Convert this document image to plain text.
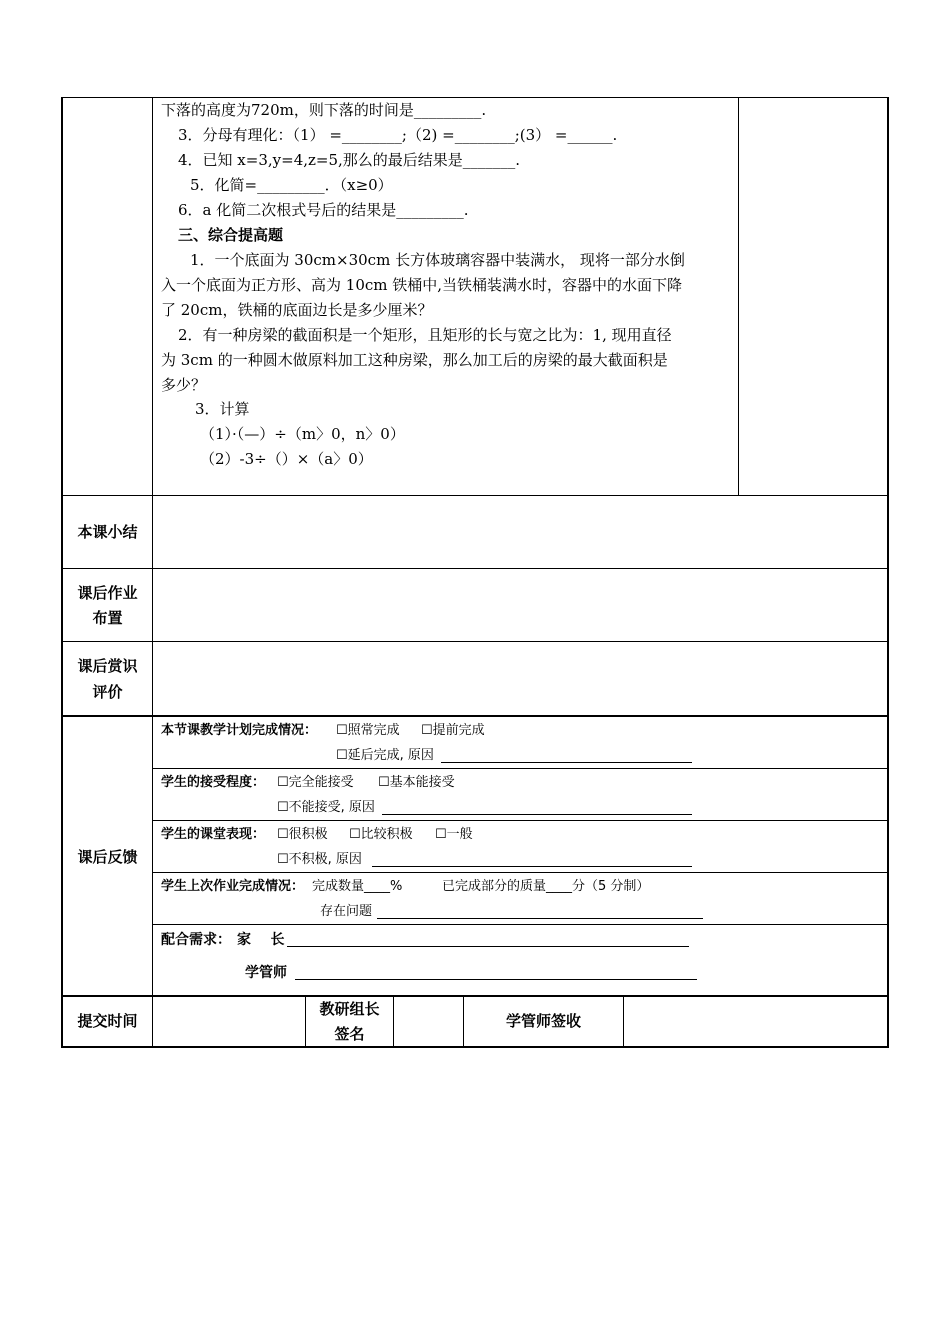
下落的高度为720m，则下落的时间是_________.
3．分母有理化：（1） =________;（2) =________;(3） =______.
4．已知 x=3,y=4,z=5,那么的最后结果是_______.
5．化简=_________．（x≥0）
6．a 化简二次根式号后的结果是_________.
三、综合提高题
1．一个底面为 30cm×30cm 长方体玻璃容器中装满水， 现将一部分水倒
入一个底面为正方形、高为 10cm 铁桶中,当铁桶装满水时，容器中的水面下降
了 20cm，铁桶的底面边长是多少厘米？
2．有一种房梁的截面积是一个矩形，且矩形的长与宽之比为：1, 现用直径
为 3cm 的一种圆木做原料加工这种房梁，那么加工后的房梁的最大截面积是
多少？
3．计算
（1）·（—）÷（m〉0，n〉0）
（2）-3÷（）×（a〉0）
本课小结
课后作业
布置
课后赏识
评价
课后反馈
本节课教学计划完成情况： ☐照常完成 ☐提前完成
☐延后完成, 原因
学生的接受程度： ☐完全能接受 ☐基本能接受
☐不能接受, 原因
学生的课堂表现： ☐很积极 ☐比较积极 ☐一般
☐不积极, 原因
学生上次作业完成情况： 完成数量____%	已完成部分的质量____分（5 分制）
存在问题
配合需求： 家    长
学管师
提交时间
教研组长
签名
学管师签收
